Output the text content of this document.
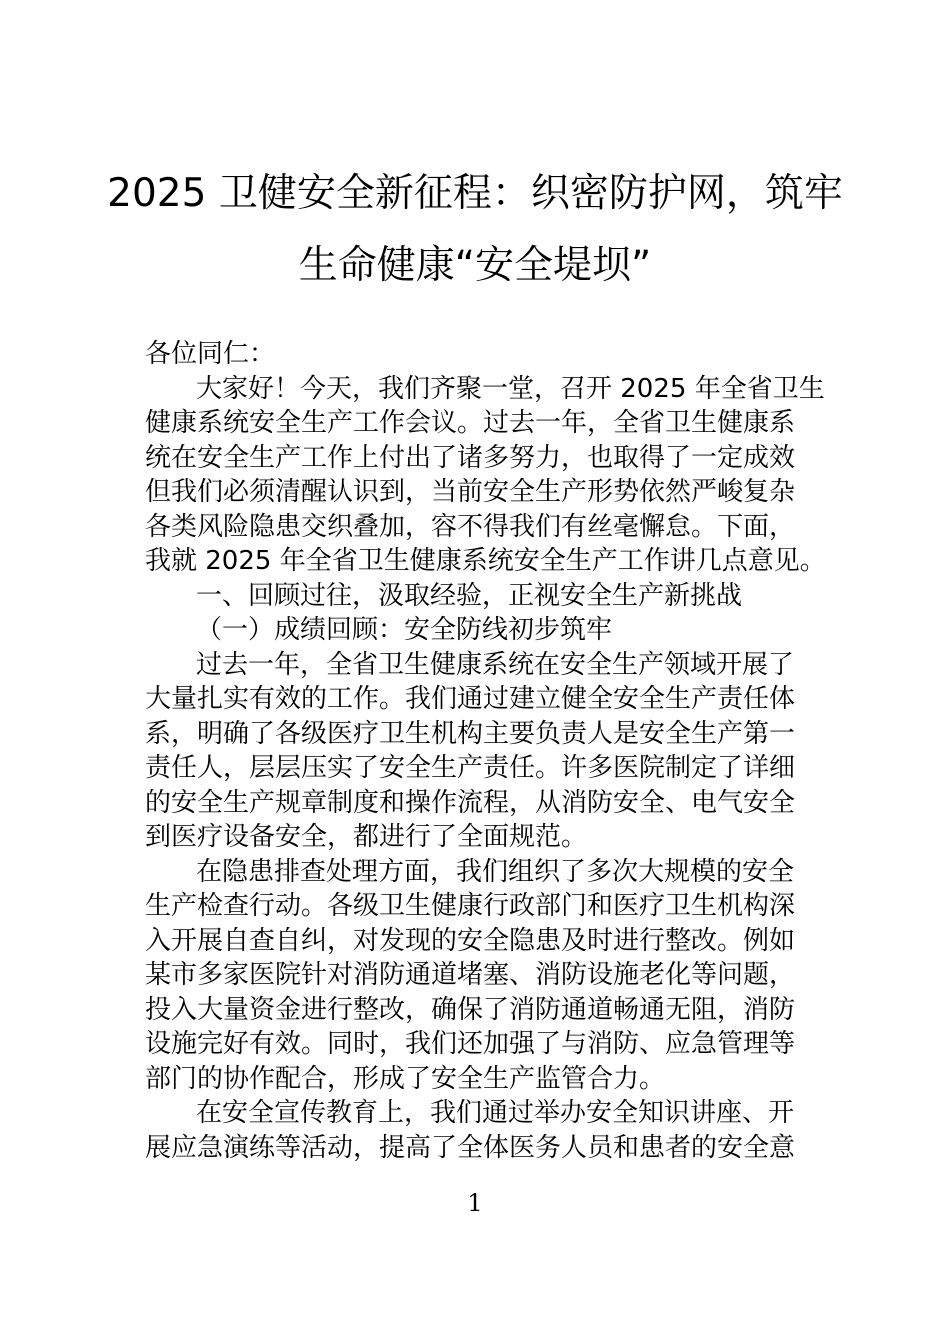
2025 卫健安全新征程：织密防护网，筑牢
生命健康“安全堤坝”
各位同仁：
大家好！今天，我们齐聚一堂，召开 2025 年全省卫生
健康系统安全生产工作会议。过去一年，全省卫生健康系
统在安全生产工作上付出了诸多努力，也取得了一定成效
但我们必须清醒认识到，当前安全生产形势依然严峻复杂
各类风险隐患交织叠加，容不得我们有丝毫懈怠。下面，
我就 2025 年全省卫生健康系统安全生产工作讲几点意见。
一、回顾过往，汲取经验，正视安全生产新挑战
（一）成绩回顾：安全防线初步筑牢
过去一年，全省卫生健康系统在安全生产领域开展了
大量扎实有效的工作。我们通过建立健全安全生产责任体
系，明确了各级医疗卫生机构主要负责人是安全生产第一
责任人，层层压实了安全生产责任。许多医院制定了详细
的安全生产规章制度和操作流程，从消防安全、电气安全
到医疗设备安全，都进行了全面规范。
在隐患排查处理方面，我们组织了多次大规模的安全
生产检查行动。各级卫生健康行政部门和医疗卫生机构深
入开展自查自纠，对发现的安全隐患及时进行整改。例如
某市多家医院针对消防通道堵塞、消防设施老化等问题，
投入大量资金进行整改，确保了消防通道畅通无阻，消防
设施完好有效。同时，我们还加强了与消防、应急管理等
部门的协作配合，形成了安全生产监管合力。
在安全宣传教育上，我们通过举办安全知识讲座、开
展应急演练等活动，提高了全体医务人员和患者的安全意
1
